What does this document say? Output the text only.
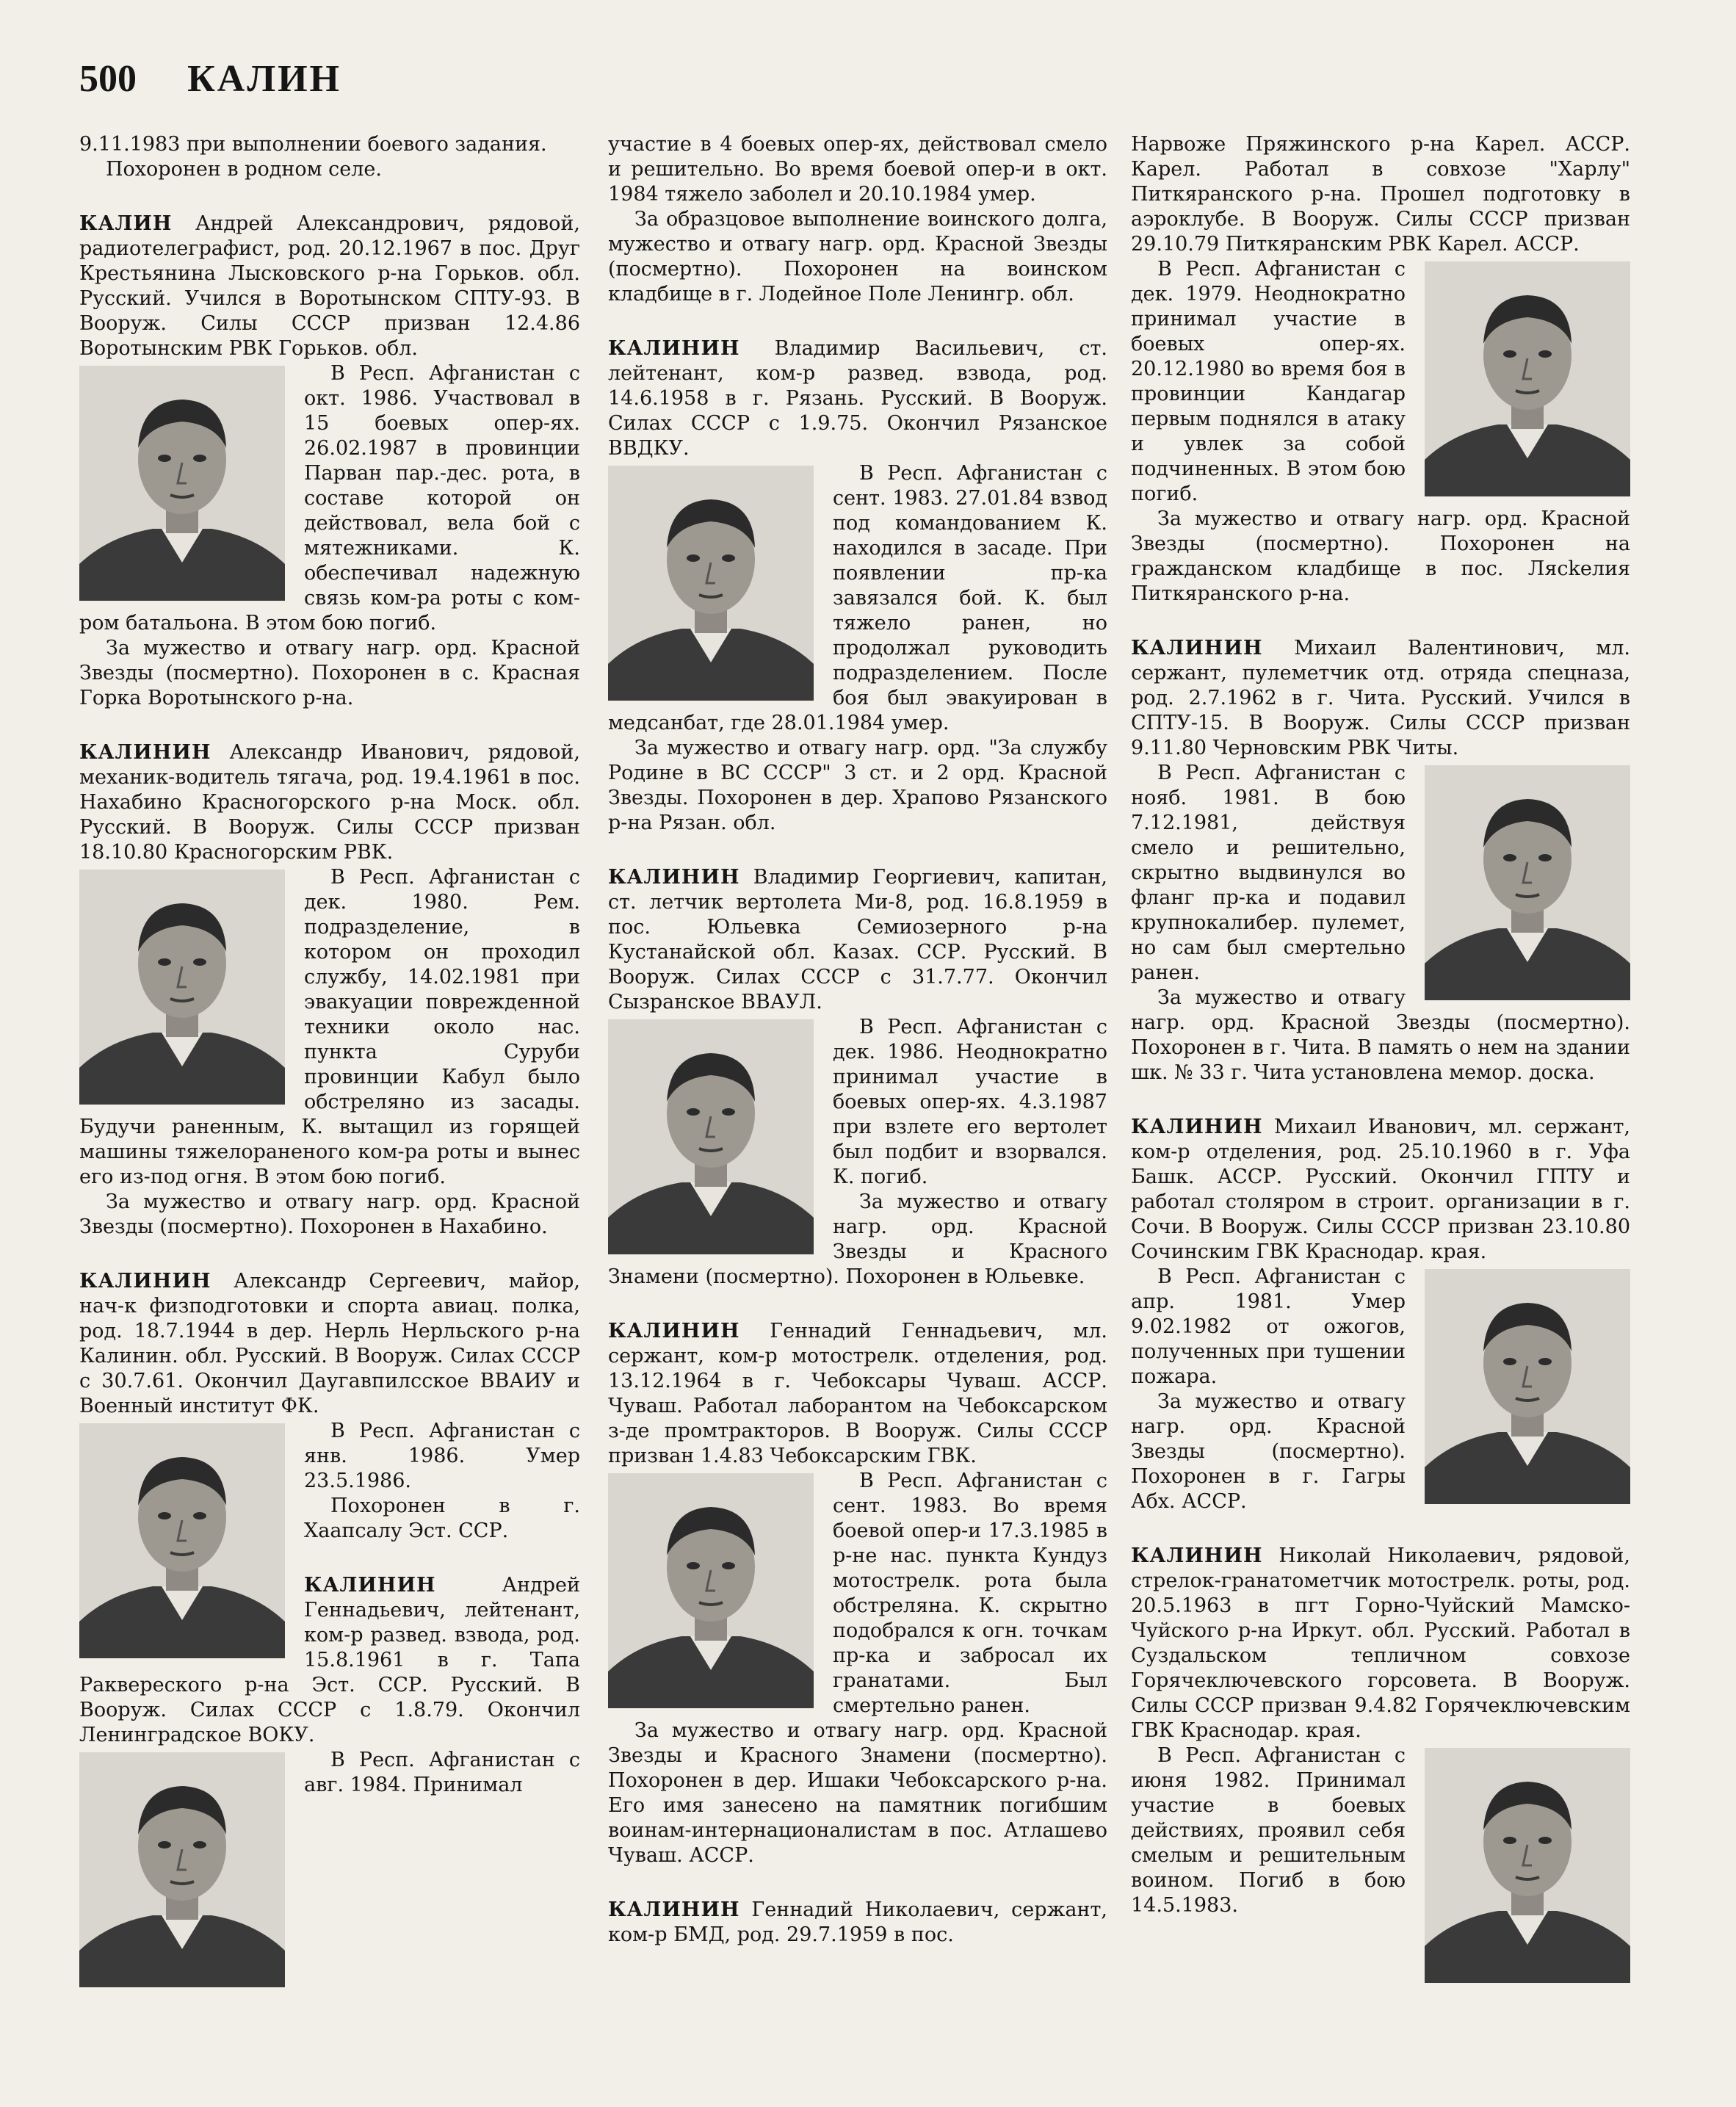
500 КАЛИН

9.11.1983 при выполнении боевого задания.

Похоронен в родном селе.

КАЛИН Андрей Александрович, рядовой, радиотелеграфист, род. 20.12.1967 в пос. Друг Крестьянина Лысковского р-на Горьков. обл. Русский. Учился в Воротынском СПТУ-93. В Вооруж. Силы СССР призван 12.4.86 Воротынским РВК Горьков. обл.

В Респ. Афганистан с окт. 1986. Участвовал в 15 боевых опер-ях. 26.02.1987 в провинции Парван пар.-дес. рота, в составе которой он действовал, вела бой с мятежниками. К. обеспечивал надежную связь ком-ра роты с ком-ром батальона. В этом бою погиб.

За мужество и отвагу нагр. орд. Красной Звезды (посмертно). Похоронен в с. Красная Горка Воротынского р-на.

КАЛИНИН Александр Иванович, рядовой, механик-водитель тягача, род. 19.4.1961 в пос. Нахабино Красногорского р-на Моск. обл. Русский. В Вооруж. Силы СССР призван 18.10.80 Красногорским РВК.

В Респ. Афганистан с дек. 1980. Рем. подразделение, в котором он проходил службу, 14.02.1981 при эвакуации поврежденной техники около нас. пункта Суруби провинции Кабул было обстреляно из засады. Будучи раненным, К. вытащил из горящей машины тяжелораненого ком-ра роты и вынес его из-под огня. В этом бою погиб.

За мужество и отвагу нагр. орд. Красной Звезды (посмертно). Похоронен в Нахабино.

КАЛИНИН Александр Сергеевич, майор, нач-к физподготовки и спорта авиац. полка, род. 18.7.1944 в дер. Нерль Нерльского р-на Калинин. обл. Русский. В Вооруж. Силах СССР с 30.7.61. Окончил Даугавпилсское ВВАИУ и Военный институт ФК.

В Респ. Афганистан с янв. 1986. Умер 23.5.1986.

Похоронен в г. Хаапсалу Эст. ССР.

КАЛИНИН Андрей Геннадьевич, лейтенант, ком-р развед. взвода, род. 15.8.1961 в г. Тапа Раквереского р-на Эст. ССР. Русский. В Вооруж. Силах СССР с 1.8.79. Окончил Ленинградское ВОКУ.

В Респ. Афганистан с авг. 1984. Принимал

участие в 4 боевых опер-ях, действовал смело и решительно. Во время боевой опер-и в окт. 1984 тяжело заболел и 20.10.1984 умер.

За образцовое выполнение воинского долга, мужество и отвагу нагр. орд. Красной Звезды (посмертно). Похоронен на воинском кладбище в г. Лодейное Поле Ленингр. обл.

КАЛИНИН Владимир Васильевич, ст. лейтенант, ком-р развед. взвода, род. 14.6.1958 в г. Рязань. Русский. В Вооруж. Силах СССР с 1.9.75. Окончил Рязанское ВВДКУ.

В Респ. Афганистан с сент. 1983. 27.01.84 взвод под командованием К. находился в засаде. При появлении пр-ка завязался бой. К. был тяжело ранен, но продолжал руководить подразделением. После боя был эвакуирован в медсанбат, где 28.01.1984 умер.

За мужество и отвагу нагр. орд. "За службу Родине в ВС СССР" 3 ст. и 2 орд. Красной Звезды. Похоронен в дер. Храпово Рязанского р-на Рязан. обл.

КАЛИНИН Владимир Георгиевич, капитан, ст. летчик вертолета Ми-8, род. 16.8.1959 в пос. Юльевка Семиозерного р-на Кустанайской обл. Казах. ССР. Русский. В Вооруж. Силах СССР с 31.7.77. Окончил Сызранское ВВАУЛ.

В Респ. Афганистан с дек. 1986. Неоднократно принимал участие в боевых опер-ях. 4.3.1987 при взлете его вертолет был подбит и взорвался. К. погиб.

За мужество и отвагу нагр. орд. Красной Звезды и Красного Знамени (посмертно). Похоронен в Юльевке.

КАЛИНИН Геннадий Геннадьевич, мл. сержант, ком-р мотострелк. отделения, род. 13.12.1964 в г. Чебоксары Чуваш. АССР. Чуваш. Работал лаборантом на Чебоксарском з-де промтракторов. В Вооруж. Силы СССР призван 1.4.83 Чебоксарским ГВК.

В Респ. Афганистан с сент. 1983. Во время боевой опер-и 17.3.1985 в р-не нас. пункта Кундуз мотострелк. рота была обстреляна. К. скрытно подобрался к огн. точкам пр-ка и забросал их гранатами. Был смертельно ранен.

За мужество и отвагу нагр. орд. Красной Звезды и Красного Знамени (посмертно). Похоронен в дер. Ишаки Чебоксарского р-на. Его имя занесено на памятник погибшим воинам-интернационалистам в пос. Атлашево Чуваш. АССР.

КАЛИНИН Геннадий Николаевич, сержант, ком-р БМД, род. 29.7.1959 в пос.

Нарвоже Пряжинского р-на Карел. АССР. Карел. Работал в совхозе "Харлу" Питкяранского р-на. Прошел подготовку в аэроклубе. В Вооруж. Силы СССР призван 29.10.79 Питкяранским РВК Карел. АССР.

В Респ. Афганистан с дек. 1979. Неоднократно принимал участие в боевых опер-ях. 20.12.1980 во время боя в провинции Кандагар первым поднялся в атаку и увлек за собой подчиненных. В этом бою погиб.

За мужество и отвагу нагр. орд. Красной Звезды (посмертно). Похоронен на гражданском кладбище в пос. Лясkелия Питкяранского р-на.

КАЛИНИН Михаил Валентинович, мл. сержант, пулеметчик отд. отряда спецназа, род. 2.7.1962 в г. Чита. Русский. Учился в СПТУ-15. В Вооруж. Силы СССР призван 9.11.80 Черновским РВК Читы.

В Респ. Афганистан с нояб. 1981. В бою 7.12.1981, действуя смело и решительно, скрытно выдвинулся во фланг пр-ка и подавил крупнокалибер. пулемет, но сам был смертельно ранен.

За мужество и отвагу нагр. орд. Красной Звезды (посмертно). Похоронен в г. Чита. В память о нем на здании шк. № 33 г. Чита установлена мемор. доска.

КАЛИНИН Михаил Иванович, мл. сержант, ком-р отделения, род. 25.10.1960 в г. Уфа Башк. АССР. Русский. Окончил ГПТУ и работал столяром в строит. организации в г. Сочи. В Вооруж. Силы СССР призван 23.10.80 Сочинским ГВК Краснодар. края.

В Респ. Афганистан с апр. 1981. Умер 9.02.1982 от ожогов, полученных при тушении пожара.

За мужество и отвагу нагр. орд. Красной Звезды (посмертно). Похоронен в г. Гагры Абх. АССР.

КАЛИНИН Николай Николаевич, рядовой, стрелок-гранатометчик мотострелк. роты, род. 20.5.1963 в пгт Горно-Чуйский Мамско-Чуйского р-на Иркут. обл. Русский. Работал в Суздальском тепличном совхозе Горячеключевского горсовета. В Вооруж. Силы СССР призван 9.4.82 Горячеключевским ГВК Краснодар. края.

В Респ. Афганистан с июня 1982. Принимал участие в боевых действиях, проявил себя смелым и решительным воином. Погиб в бою 14.5.1983.
